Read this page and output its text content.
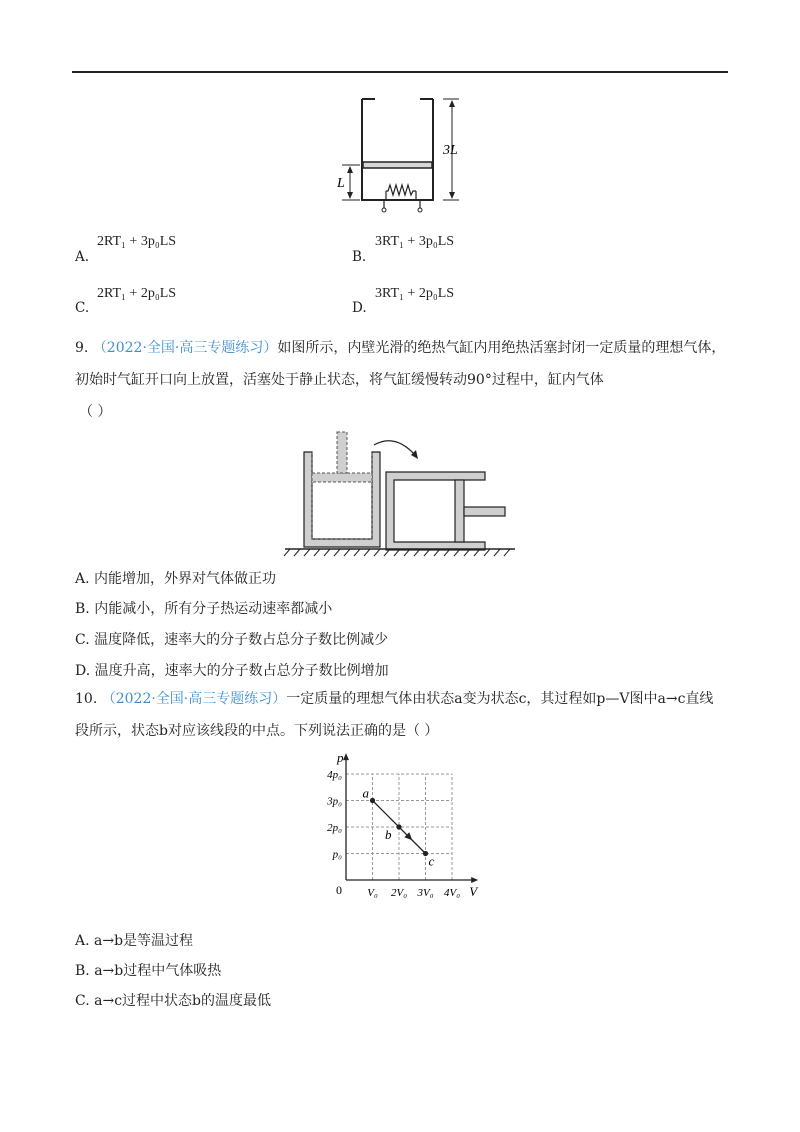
3L
L
A.
2RT₁ + 3p₀LS
B.
3RT₁ + 3p₀LS
C.
2RT₁ + 2p₀LS
D.
3RT₁ + 2p₀LS
9. （2022·全国·高三专题练习）如图所示，内壁光滑的绝热气缸内用绝热活塞封闭一定质量的理想气体，
初始时气缸开口向上放置，活塞处于静止状态，将气缸缓慢转动90°过程中，缸内气体
（ ）
A. 内能增加，外界对气体做正功
B. 内能减小，所有分子热运动速率都减小
C. 温度降低，速率大的分子数占总分子数比例减少
D. 温度升高，速率大的分子数占总分子数比例增加
10. （2022·全国·高三专题练习）一定质量的理想气体由状态a变为状态c，其过程如p—V图中a→c直线
段所示，状态b对应该线段的中点。下列说法正确的是（ ）
V
p
0 V₀ 2V₀ 3V₀ 4V₀
p₀
2p₀
3p₀
4p₀
a
b
c
A. a→b是等温过程
B. a→b过程中气体吸热
C. a→c过程中状态b的温度最低
